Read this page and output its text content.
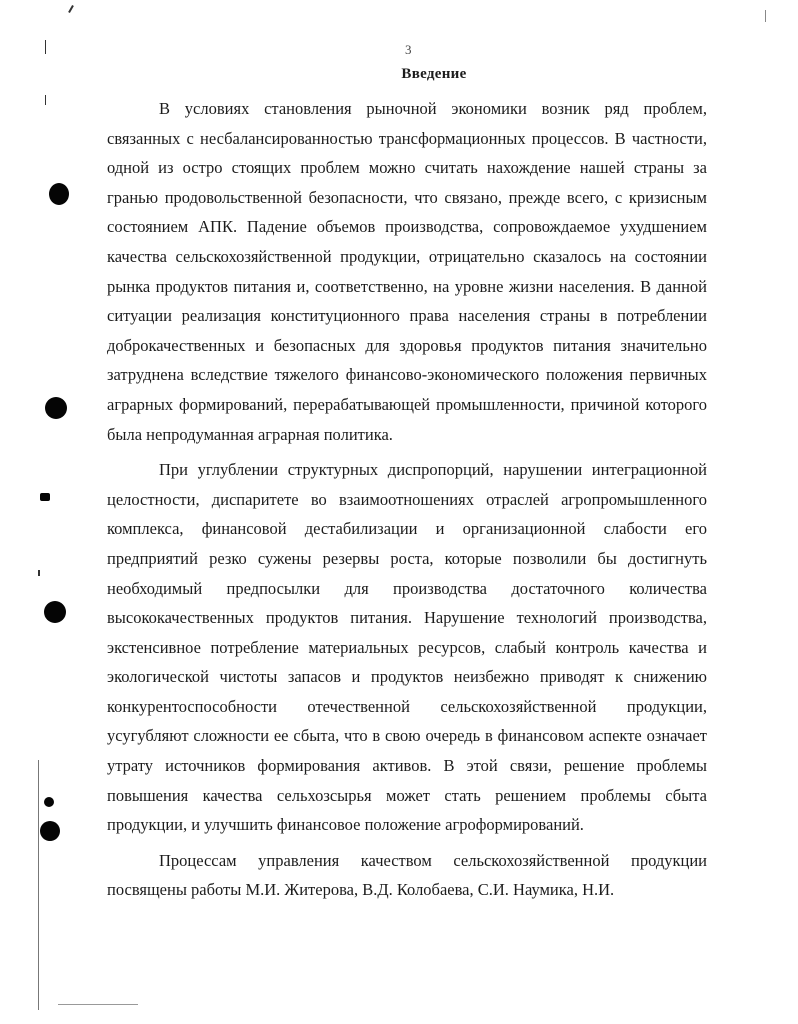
3
Введение

В условиях становления рыночной экономики возник ряд проблем, связанных с несбалансированностью трансформационных процессов. В частности, одной из остро стоящих проблем можно считать нахождение нашей страны за гранью продовольственной безопасности, что связано, прежде всего, с кризисным состоянием АПК. Падение объемов производства, сопровождаемое ухудшением качества сельскохозяйственной продукции, отрицательно сказалось на состоянии рынка продуктов питания и, соответственно, на уровне жизни населения. В данной ситуации реализация конституционного права населения страны в потреблении доброкачественных и безопасных для здоровья продуктов питания значительно затруднена вследствие тяжелого финансово-экономического положения первичных аграрных формирований, перерабатывающей промышленности, причиной которого была непродуманная аграрная политика.

При углублении структурных диспропорций, нарушении интеграционной целостности, диспаритете во взаимоотношениях отраслей агропромышленного комплекса, финансовой дестабилизации и организационной слабости его предприятий резко сужены резервы роста, которые позволили бы достигнуть необходимый предпосылки для производства достаточного количества высококачественных продуктов питания. Нарушение технологий производства, экстенсивное потребление материальных ресурсов, слабый контроль качества и экологической чистоты запасов и продуктов неизбежно приводят к снижению конкурентоспособности отечественной сельскохозяйственной продукции, усугубляют сложности ее сбыта, что в свою очередь в финансовом аспекте означает утрату источников формирования активов. В этой связи, решение проблемы повышения качества сельхозсырья может стать решением проблемы сбыта продукции, и улучшить финансовое положение агроформирований.

Процессам управления качеством сельскохозяйственной продукции посвящены работы М.И. Житерова, В.Д. Колобаева, С.И. Наумика, Н.И.
